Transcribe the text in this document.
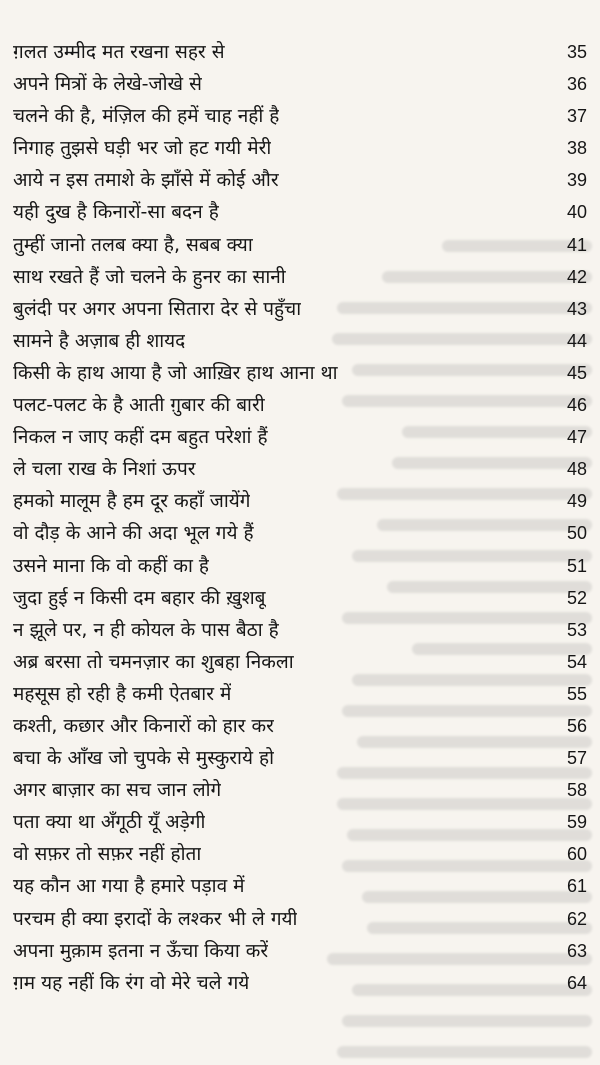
ग़लत उम्मीद मत रखना सहर से	35
अपने मित्रों के लेखे-जोखे से	36
चलने की है, मंज़िल की हमें चाह नहीं है	37
निगाह तुझसे घड़ी भर जो हट गयी मेरी	38
आये न इस तमाशे के झाँसे में कोई और	39
यही दुख है किनारों-सा बदन है	40
तुम्हीं जानो तलब क्या है, सबब क्या	41
साथ रखते हैं जो चलने के हुनर का सानी	42
बुलंदी पर अगर अपना सितारा देर से पहुँचा	43
सामने है अज़ाब ही शायद	44
किसी के हाथ आया है जो आख़िर हाथ आना था	45
पलट-पलट के है आती ग़ुबार की बारी	46
निकल न जाए कहीं दम बहुत परेशां हैं	47
ले चला राख के निशां ऊपर	48
हमको मालूम है हम दूर कहाँ जायेंगे	49
वो दौड़ के आने की अदा भूल गये हैं	50
उसने माना कि वो कहीं का है	51
जुदा हुई न किसी दम बहार की ख़ुशबू	52
न झूले पर, न ही कोयल के पास बैठा है	53
अब्र बरसा तो चमनज़ार का शुबहा निकला	54
महसूस हो रही है कमी ऐतबार में	55
कश्ती, कछार और किनारों को हार कर	56
बचा के आँख जो चुपके से मुस्कुराये हो	57
अगर बाज़ार का सच जान लोगे	58
पता क्या था अँगूठी यूँ अड़ेगी	59
वो सफ़र तो सफ़र नहीं होता	60
यह कौन आ गया है हमारे पड़ाव में	61
परचम ही क्या इरादों के लश्कर भी ले गयी	62
अपना मुक़ाम इतना न ऊँचा किया करें	63
ग़म यह नहीं कि रंग वो मेरे चले गये	64
